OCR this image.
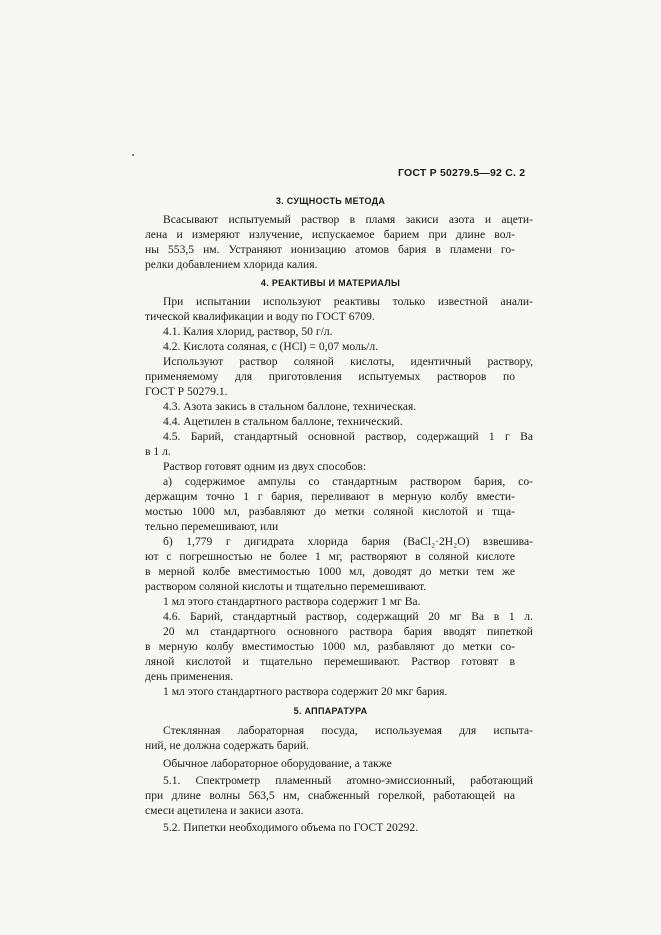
ГОСТ Р 50279.5—92 С. 2
3. СУЩНОСТЬ МЕТОДА

Всасывают испытуемый раствор в пламя закиси азота и ацети-

лена и измеряют излучение, испускаемое барием при длине вол-

ны 553,5 нм. Устраняют ионизацию атомов бария в пламени го-

релки добавлением хлорида калия.

4. РЕАКТИВЫ И МАТЕРИАЛЫ

При испытании используют реактивы только известной анали-

тической квалификации и воду по ГОСТ 6709.

4.1. Калия хлорид, раствор, 50 г/л.

4.2. Кислота соляная, с (HCl) = 0,07 моль/л.

Используют раствор соляной кислоты, идентичный раствору,

применяемому для приготовления испытуемых растворов по

ГОСТ Р 50279.1.

4.3. Азота закись в стальном баллоне, техническая.

4.4. Ацетилен в стальном баллоне, технический.

4.5. Барий, стандартный основной раствор, содержащий 1 г Ва

в 1 л.

Раствор готовят одним из двух способов:

а) содержимое ампулы со стандартным раствором бария, со-

держащим точно 1 г бария, переливают в мерную колбу вмести-

мостью 1000 мл, разбавляют до метки соляной кислотой и тща-

тельно перемешивают, или

б) 1,779 г дигидрата хлорида бария (BaCl₂·2H₂O) взвешива-

ют с погрешностью не более 1 мг, растворяют в соляной кислоте

в мерной колбе вместимостью 1000 мл, доводят до метки тем же

раствором соляной кислоты и тщательно перемешивают.

1 мл этого стандартного раствора содержит 1 мг Ва.

4.6. Барий, стандартный раствор, содержащий 20 мг Ва в 1 л.

20 мл стандартного основного раствора бария вводят пипеткой

в мерную колбу вместимостью 1000 мл, разбавляют до метки со-

ляной кислотой и тщательно перемешивают. Раствор готовят в

день применения.

1 мл этого стандартного раствора содержит 20 мкг бария.

5. АППАРАТУРА

Стеклянная лабораторная посуда, используемая для испыта-

ний, не должна содержать барий.

Обычное лабораторное оборудование, а также

5.1. Спектрометр пламенный атомно-эмиссионный, работающий

при длине волны 563,5 нм, снабженный горелкой, работающей на

смеси ацетилена и закиси азота.

5.2. Пипетки необходимого объема по ГОСТ 20292.
